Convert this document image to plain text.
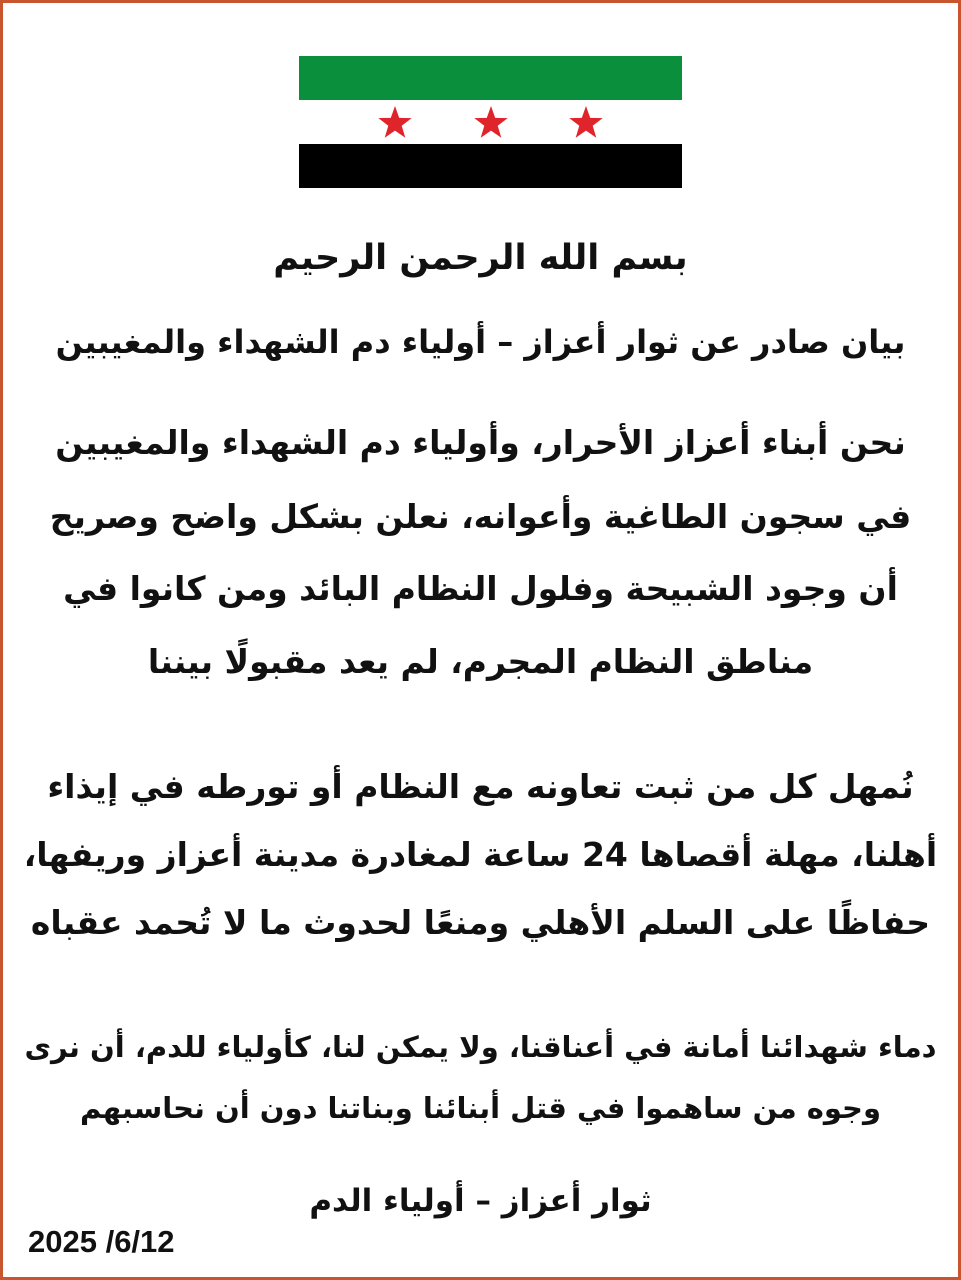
بسم الله الرحمن الرحيم
بيان صادر عن ثوار أعزاز – أولياء دم الشهداء والمغيبين
نحن أبناء أعزاز الأحرار، وأولياء دم الشهداء والمغيبين
في سجون الطاغية وأعوانه، نعلن بشكل واضح وصريح
أن وجود الشبيحة وفلول النظام البائد ومن كانوا في
مناطق النظام المجرم، لم يعد مقبولًا بيننا
نُمهل كل من ثبت تعاونه مع النظام أو تورطه في إيذاء
أهلنا، مهلة أقصاها 24 ساعة لمغادرة مدينة أعزاز وريفها،
حفاظًا على السلم الأهلي ومنعًا لحدوث ما لا تُحمد عقباه
دماء شهدائنا أمانة في أعناقنا، ولا يمكن لنا، كأولياء للدم، أن نرى
وجوه من ساهموا في قتل أبنائنا وبناتنا دون أن نحاسبهم
ثوار أعزاز – أولياء الدم
2025 /6/12
